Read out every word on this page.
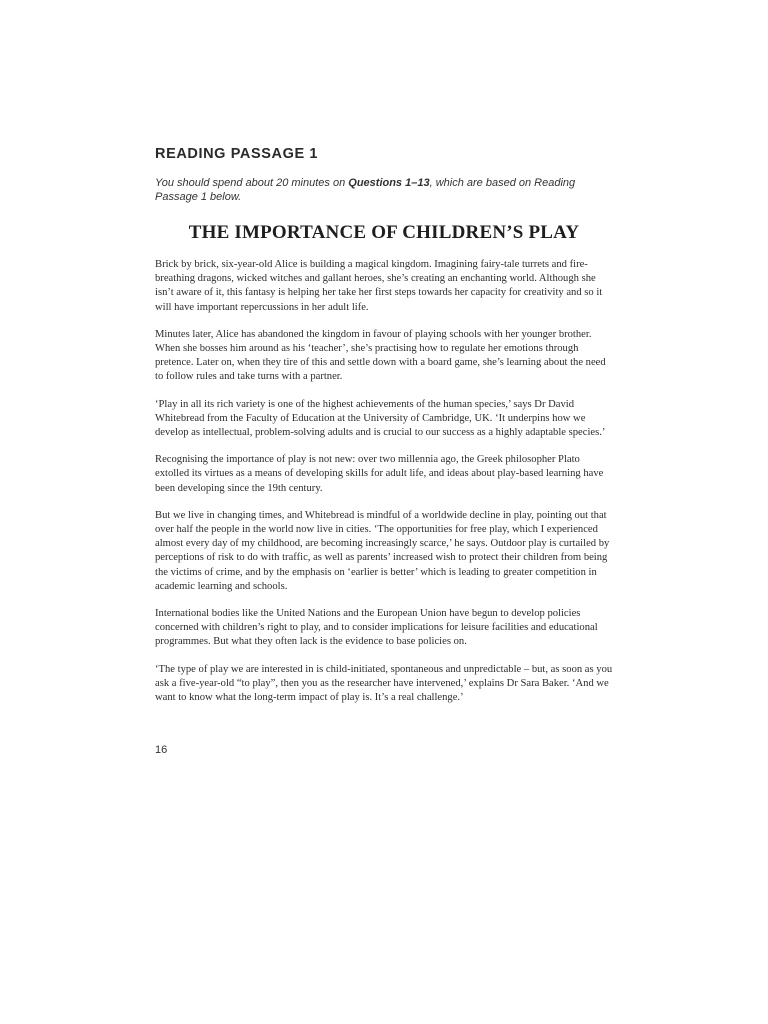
READING PASSAGE 1

You should spend about 20 minutes on Questions 1–13, which are based on Reading Passage 1 below.

THE IMPORTANCE OF CHILDREN’S PLAY

Brick by brick, six-year-old Alice is building a magical kingdom. Imagining fairy-tale turrets and fire-breathing dragons, wicked witches and gallant heroes, she’s creating an enchanting world. Although she isn’t aware of it, this fantasy is helping her take her first steps towards her capacity for creativity and so it will have important repercussions in her adult life.

Minutes later, Alice has abandoned the kingdom in favour of playing schools with her younger brother. When she bosses him around as his ‘teacher’, she’s practising how to regulate her emotions through pretence. Later on, when they tire of this and settle down with a board game, she’s learning about the need to follow rules and take turns with a partner.

‘Play in all its rich variety is one of the highest achievements of the human species,’ says Dr David Whitebread from the Faculty of Education at the University of Cambridge, UK. ‘It underpins how we develop as intellectual, problem-solving adults and is crucial to our success as a highly adaptable species.’

Recognising the importance of play is not new: over two millennia ago, the Greek philosopher Plato extolled its virtues as a means of developing skills for adult life, and ideas about play-based learning have been developing since the 19th century.

But we live in changing times, and Whitebread is mindful of a worldwide decline in play, pointing out that over half the people in the world now live in cities. ‘The opportunities for free play, which I experienced almost every day of my childhood, are becoming increasingly scarce,’ he says. Outdoor play is curtailed by perceptions of risk to do with traffic, as well as parents’ increased wish to protect their children from being the victims of crime, and by the emphasis on ‘earlier is better’ which is leading to greater competition in academic learning and schools.

International bodies like the United Nations and the European Union have begun to develop policies concerned with children’s right to play, and to consider implications for leisure facilities and educational programmes. But what they often lack is the evidence to base policies on.

‘The type of play we are interested in is child-initiated, spontaneous and unpredictable – but, as soon as you ask a five-year-old “to play”, then you as the researcher have intervened,’ explains Dr Sara Baker. ‘And we want to know what the long-term impact of play is. It’s a real challenge.’

16
